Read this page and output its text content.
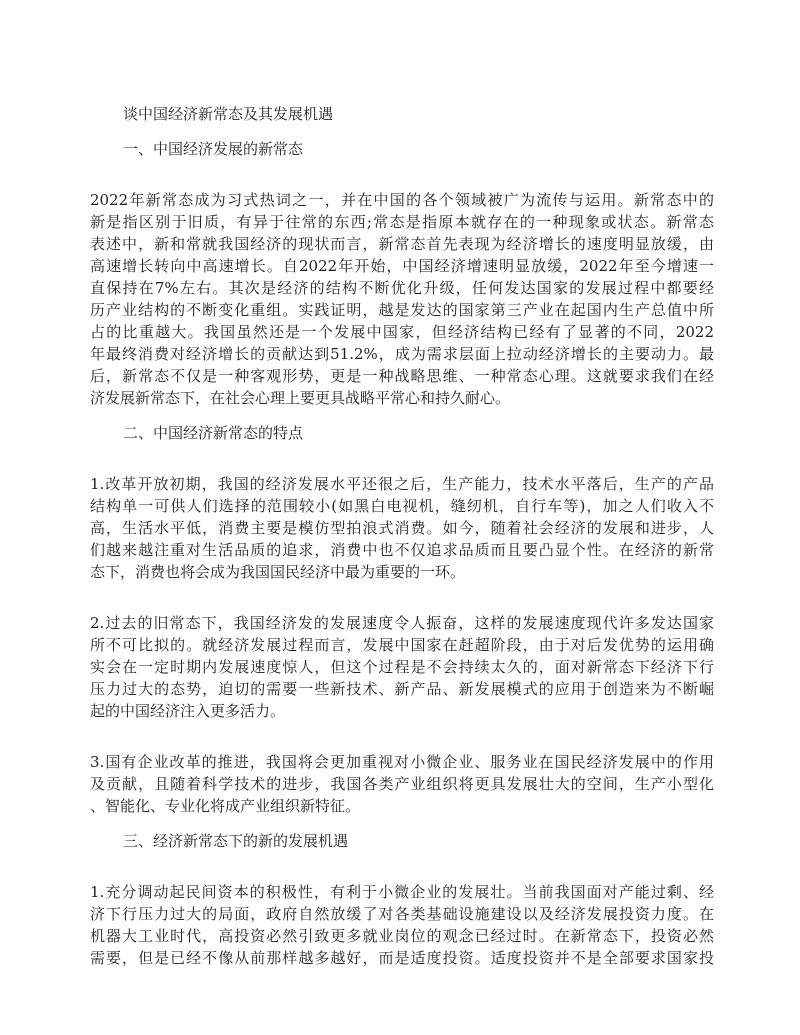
谈中国经济新常态及其发展机遇
一、中国经济发展的新常态
2022年新常态成为习式热词之一，并在中国的各个领域被广为流传与运用。新常态中的
新是指区别于旧质，有异于往常的东西;常态是指原本就存在的一种现象或状态。新常态
表述中，新和常就我国经济的现状而言，新常态首先表现为经济增长的速度明显放缓，由
高速增长转向中高速增长。自2022年开始，中国经济增速明显放缓，2022年至今增速一
直保持在7%左右。其次是经济的结构不断优化升级，任何发达国家的发展过程中都要经
历产业结构的不断变化重组。实践证明，越是发达的国家第三产业在起国内生产总值中所
占的比重越大。我国虽然还是一个发展中国家，但经济结构已经有了显著的不同，2022
年最终消费对经济增长的贡献达到51.2%，成为需求层面上拉动经济增长的主要动力。最
后，新常态不仅是一种客观形势，更是一种战略思维、一种常态心理。这就要求我们在经
济发展新常态下，在社会心理上要更具战略平常心和持久耐心。
二、中国经济新常态的特点
1.改革开放初期，我国的经济发展水平还很之后，生产能力，技术水平落后，生产的产品
结构单一可供人们选择的范围较小(如黑白电视机，缝纫机，自行车等)，加之人们收入不
高，生活水平低，消费主要是模仿型拍浪式消费。如今，随着社会经济的发展和进步，人
们越来越注重对生活品质的追求，消费中也不仅追求品质而且要凸显个性。在经济的新常
态下，消费也将会成为我国国民经济中最为重要的一环。
2.过去的旧常态下，我国经济发的发展速度令人振奋，这样的发展速度现代许多发达国家
所不可比拟的。就经济发展过程而言，发展中国家在赶超阶段，由于对后发优势的运用确
实会在一定时期内发展速度惊人，但这个过程是不会持续太久的，面对新常态下经济下行
压力过大的态势，迫切的需要一些新技术、新产品、新发展模式的应用于创造来为不断崛
起的中国经济注入更多活力。
3.国有企业改革的推进，我国将会更加重视对小微企业、服务业在国民经济发展中的作用
及贡献，且随着科学技术的进步，我国各类产业组织将更具发展壮大的空间，生产小型化
、智能化、专业化将成产业组织新特征。
三、经济新常态下的新的发展机遇
1.充分调动起民间资本的积极性，有利于小微企业的发展壮。当前我国面对产能过剩、经
济下行压力过大的局面，政府自然放缓了对各类基础设施建设以及经济发展投资力度。在
机器大工业时代，高投资必然引致更多就业岗位的观念已经过时。在新常态下，投资必然
需要，但是已经不像从前那样越多越好，而是适度投资。适度投资并不是全部要求国家投
